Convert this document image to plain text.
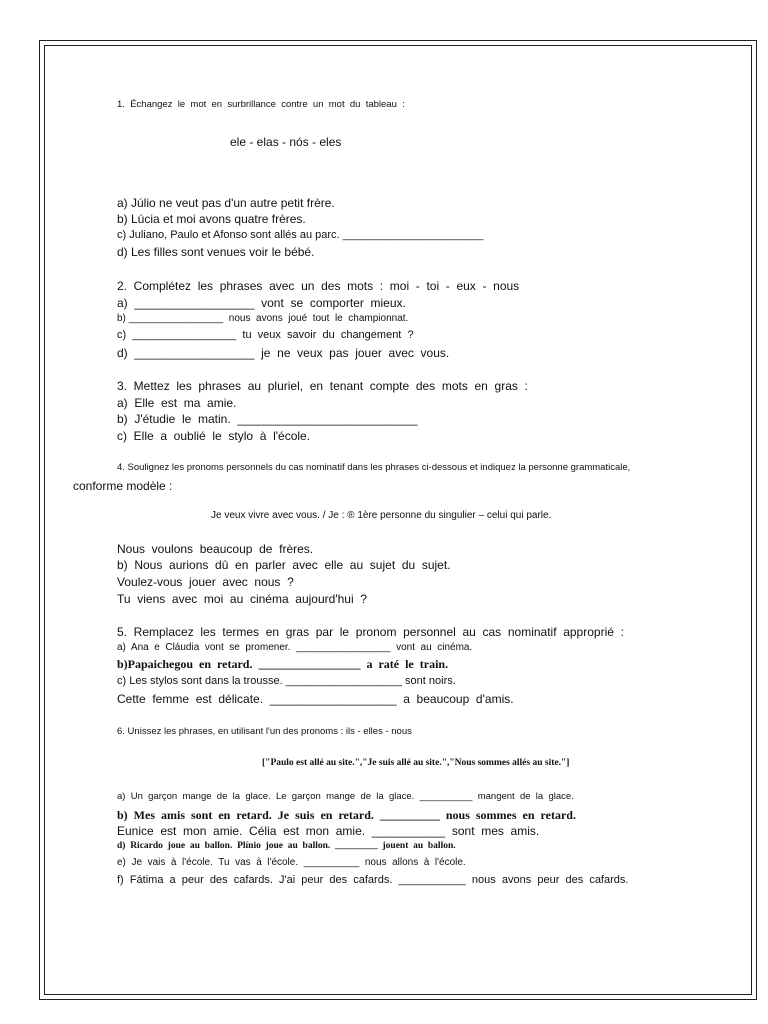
1.  Échangez  le  mot  en  surbrillance  contre  un  mot  du  tableau  :
ele - elas - nós - eles
a) Júlio ne veut pas d'un autre petit frère.
b) Lúcia et moi avons quatre frères.
c) Juliano, Paulo et Afonso sont allés au parc. _______________________
d) Les filles sont venues voir le bébé.
2.  Complétez  les  phrases  avec  un  des  mots  :  moi  -  toi  -  eux  -  nous
a)  __________________  vont  se  comporter  mieux.
b) _________________  nous  avons  joué  tout  le  championnat.
c)  _________________  tu  veux  savoir  du  changement  ?
d)  __________________  je  ne  veux  pas  jouer  avec  vous.
3.  Mettez  les  phrases  au  pluriel,  en  tenant  compte  des  mots  en  gras  :
a)  Elle  est  ma  amie.
b)  J'étudie  le  matin.  ___________________________
c)  Elle  a  oublié  le  stylo  à  l'école.
4. Soulignez les pronoms personnels du cas nominatif dans les phrases ci-dessous et indiquez la personne grammaticale,
conforme modèle :
Je veux vivre avec vous. / Je : ® 1ère personne du singulier – celui qui parle.
Nous  voulons  beaucoup  de  frères.
b)  Nous  aurions  dû  en  parler  avec  elle  au  sujet  du  sujet.
Voulez-vous  jouer  avec  nous  ?
Tu  viens  avec  moi  au  cinéma  aujourd'hui  ?
5.  Remplacez  les  termes  en  gras  par  le  pronom  personnel  au  cas  nominatif  approprié  :
a)  Ana  e  Cláudia  vont  se  promener.  _________________  vont  au  cinéma.
b)Papaichegou  en  retard.  _________________  a  raté  le  train.
c) Les stylos sont dans la trousse. ___________________ sont noirs.
Cette  femme  est  délicate.  ___________________  a  beaucoup  d'amis.
6. Unissez les phrases, en utilisant l'un des pronoms : ils - elles - nous
["Paulo est allé au site.","Je suis allé au site.","Nous sommes allés au site."]
a)  Un  garçon  mange  de  la  glace.  Le  garçon  mange  de  la  glace.  __________  mangent  de  la  glace.
b)  Mes  amis  sont  en  retard.  Je  suis  en  retard.  __________  nous  sommes  en  retard.
Eunice  est  mon  amie.  Célia  est  mon  amie.  ___________  sont  mes  amis.
d)  Ricardo  joue  au  ballon.  Plínio  joue  au  ballon.  _________  jouent  au  ballon.
e)  Je  vais  à  l'école.  Tu  vas  à  l'école.  __________  nous  allons  à  l'école.
f)  Fátima  a  peur  des  cafards.  J'ai  peur  des  cafards.  ___________  nous  avons  peur  des  cafards.
